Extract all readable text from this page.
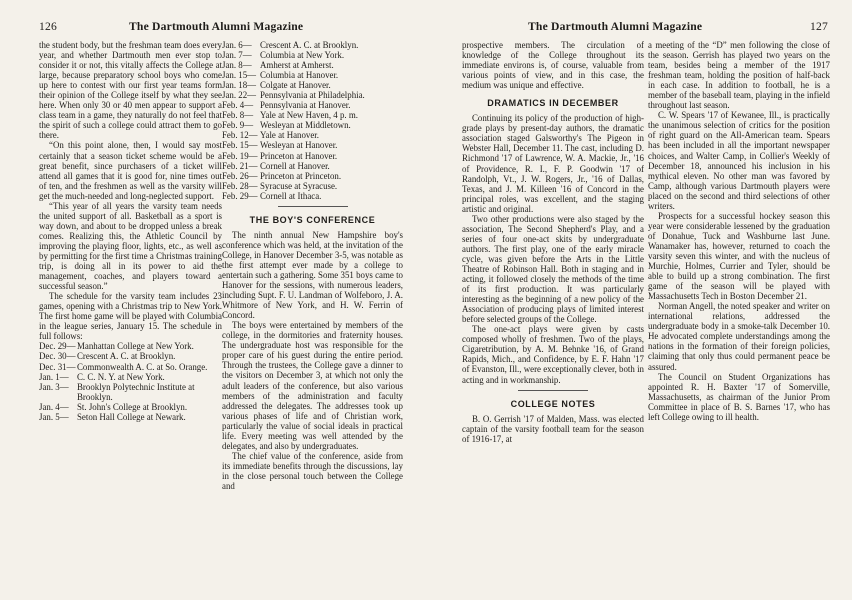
126	The Dartmouth Alumni Magazine

the student body, but the freshman team does every year, and whether Dartmouth men ever stop to consider it or not, this vitally affects the College at large, because preparatory school boys who come up here to contest with our first year teams form their opinion of the College itself by what they see here. When only 30 or 40 men appear to support a class team in a game, they naturally do not feel that the spirit of such a college could attract them to go there.

“On this point alone, then, I would say most certainly that a season ticket scheme would be a great benefit, since purchasers of a ticket will attend all games that it is good for, nine times out of ten, and the freshmen as well as the varsity will get the much-needed and long-neglected support.

“This year of all years the varsity team needs the united support of all. Basketball as a sport is way down, and about to be dropped unless a break comes. Realizing this, the Athletic Council by improving the playing floor, lights, etc., as well as by permitting for the first time a Christmas training trip, is doing all in its power to aid the management, coaches, and players toward a successful season.”

The schedule for the varsity team includes 23 games, opening with a Christmas trip to New York. The first home game will be played with Columbia in the league series, January 15. The schedule in full follows:

Dec. 29— Manhattan College at New York.
Dec. 30— Crescent A. C. at Brooklyn.
Dec. 31— Commonwealth A. C. at So. Orange.
Jan. 1— C. C. N. Y. at New York.
Jan. 3— Brooklyn Polytechnic Institute at Brooklyn.
Jan. 4— St. John's College at Brooklyn.
Jan. 5— Seton Hall College at Newark.
Jan. 6— Crescent A. C. at Brooklyn.
Jan. 7— Columbia at New York.
Jan. 8— Amherst at Amherst.
Jan. 15— Columbia at Hanover.
Jan. 18— Colgate at Hanover.
Jan. 22— Pennsylvania at Philadelphia.
Feb. 4— Pennsylvania at Hanover.
Feb. 8— Yale at New Haven, 4 p. m.
Feb. 9— Wesleyan at Middletown.
Feb. 12— Yale at Hanover.
Feb. 15— Wesleyan at Hanover.
Feb. 19— Princeton at Hanover.
Feb. 21— Cornell at Hanover.
Feb. 26— Princeton at Princeton.
Feb. 28— Syracuse at Syracuse.
Feb. 29— Cornell at Ithaca.
THE BOY'S CONFERENCE

The ninth annual New Hampshire boy's conference which was held, at the invitation of the College, in Hanover December 3-5, was notable as the first attempt ever made by a college to entertain such a gathering. Some 351 boys came to Hanover for the sessions, with numerous leaders, including Supt. F. U. Landman of Wolfeboro, J. A. Whitmore of New York, and H. W. Ferrin of Concord.

The boys were entertained by members of the college, in the dormitories and fraternity houses. The undergraduate host was responsible for the proper care of his guest during the entire period. Through the trustees, the College gave a dinner to the visitors on December 3, at which not only the adult leaders of the conference, but also various members of the administration and faculty addressed the delegates. The addresses took up various phases of life and of Christian work, particularly the value of social ideals in practical life. Every meeting was well attended by the delegates, and also by undergraduates.

The chief value of the conference, aside from its immediate benefits through the discussions, lay in the close personal touch between the College and

The Dartmouth Alumni Magazine	127

prospective members. The circulation of knowledge of the College throughout its immediate environs is, of course, valuable from various points of view, and in this case, the medium was unique and effective.

DRAMATICS IN DECEMBER

Continuing its policy of the production of high-grade plays by present-day authors, the dramatic association staged Galsworthy's The Pigeon in Webster Hall, December 11. The cast, including D. Richmond '17 of Lawrence, W. A. Mackie, Jr., '16 of Providence, R. I., F. P. Goodwin '17 of Randolph, Vt., J. W. Rogers, Jr., '16 of Dallas, Texas, and J. M. Killeen '16 of Concord in the principal roles, was excellent, and the staging artistic and original.

Two other productions were also staged by the association, The Second Shepherd's Play, and a series of four one-act skits by undergraduate authors. The first play, one of the early miracle cycle, was given before the Arts in the Little Theatre of Robinson Hall. Both in staging and in acting, it followed closely the methods of the time of its first production. It was particularly interesting as the beginning of a new policy of the Association of producing plays of limited interest before selected groups of the College.

The one-act plays were given by casts composed wholly of freshmen. Two of the plays, Cigaretribution, by A. M. Behnke '16, of Grand Rapids, Mich., and Confidence, by E. F. Hahn '17 of Evanston, Ill., were exceptionally clever, both in acting and in workmanship.

COLLEGE NOTES

B. O. Gerrish '17 of Malden, Mass. was elected captain of the varsity football team for the season of 1916-17, at

a meeting of the “D” men following the close of the season. Gerrish has played two years on the team, besides being a member of the 1917 freshman team, holding the position of half-back in each case. In addition to football, he is a member of the baseball team, playing in the infield throughout last season.

C. W. Spears '17 of Kewanee, Ill., is practically the unanimous selection of critics for the position of right guard on the All-American team. Spears has been included in all the important newspaper choices, and Walter Camp, in Collier's Weekly of December 18, announced his inclusion in his mythical eleven. No other man was favored by Camp, although various Dartmouth players were placed on the second and third selections of other writers.

Prospects for a successful hockey season this year were considerable lessened by the graduation of Donahue, Tuck and Washburne last June. Wanamaker has, however, returned to coach the varsity seven this winter, and with the nucleus of Murchie, Holmes, Currier and Tyler, should be able to build up a strong combination. The first game of the season will be played with Massachusetts Tech in Boston December 21.

Norman Angell, the noted speaker and writer on international relations, addressed the undergraduate body in a smoke-talk December 10. He advocated complete understandings among the nations in the formation of their foreign policies, claiming that only thus could permanent peace be assured.

The Council on Student Organizations has appointed R. H. Baxter '17 of Somerville, Massachusetts, as chairman of the Junior Prom Committee in place of B. S. Barnes '17, who has left College owing to ill health.
